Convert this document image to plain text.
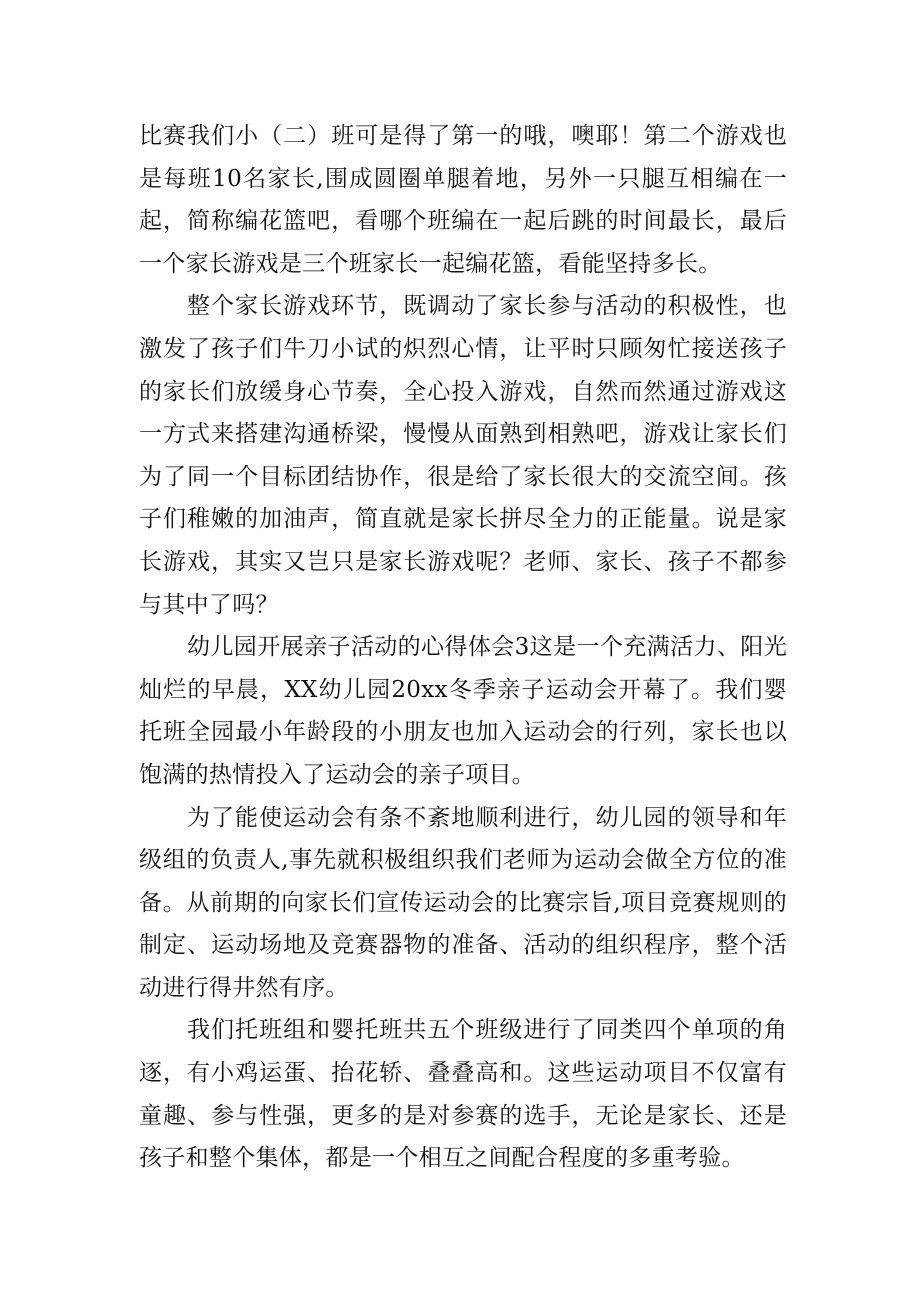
比赛我们小（二）班可是得了第一的哦，噢耶！第二个游戏也是每班10名家长,围成圆圈单腿着地，另外一只腿互相编在一起，简称编花篮吧，看哪个班编在一起后跳的时间最长，最后一个家长游戏是三个班家长一起编花篮，看能坚持多长。

整个家长游戏环节，既调动了家长参与活动的积极性，也激发了孩子们牛刀小试的炽烈心情，让平时只顾匆忙接送孩子的家长们放缓身心节奏，全心投入游戏，自然而然通过游戏这一方式来搭建沟通桥梁，慢慢从面熟到相熟吧，游戏让家长们为了同一个目标团结协作，很是给了家长很大的交流空间。孩子们稚嫩的加油声，简直就是家长拼尽全力的正能量。说是家长游戏，其实又岂只是家长游戏呢？老师、家长、孩子不都参与其中了吗？

幼儿园开展亲子活动的心得体会3这是一个充满活力、阳光灿烂的早晨，XX幼儿园20xx冬季亲子运动会开幕了。我们婴托班全园最小年龄段的小朋友也加入运动会的行列，家长也以饱满的热情投入了运动会的亲子项目。

为了能使运动会有条不紊地顺利进行，幼儿园的领导和年级组的负责人,事先就积极组织我们老师为运动会做全方位的准备。从前期的向家长们宣传运动会的比赛宗旨,项目竞赛规则的制定、运动场地及竞赛器物的准备、活动的组织程序，整个活动进行得井然有序。

我们托班组和婴托班共五个班级进行了同类四个单项的角逐，有小鸡运蛋、抬花轿、叠叠高和。这些运动项目不仅富有童趣、参与性强，更多的是对参赛的选手，无论是家长、还是孩子和整个集体，都是一个相互之间配合程度的多重考验。
